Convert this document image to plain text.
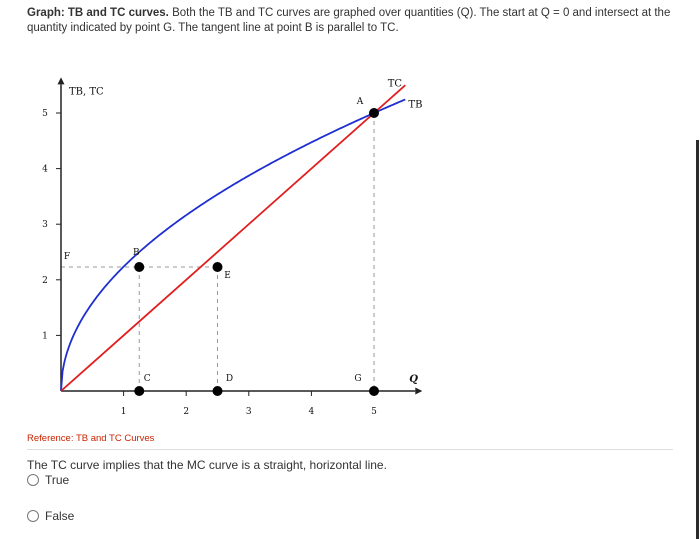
Graph: TB and TC curves. Both the TB and TC curves are graphed over quantities (Q). The start at Q = 0 and intersect at the quantity indicated by point G. The tangent line at point B is parallel to TC.
1	2	3	4	5
1
2
3
4
5
TB, TC
Q
TC
TB
A
B
E
F
C	D	G
Reference: TB and TC Curves
The TC curve implies that the MC curve is a straight, horizontal line.
True
False
